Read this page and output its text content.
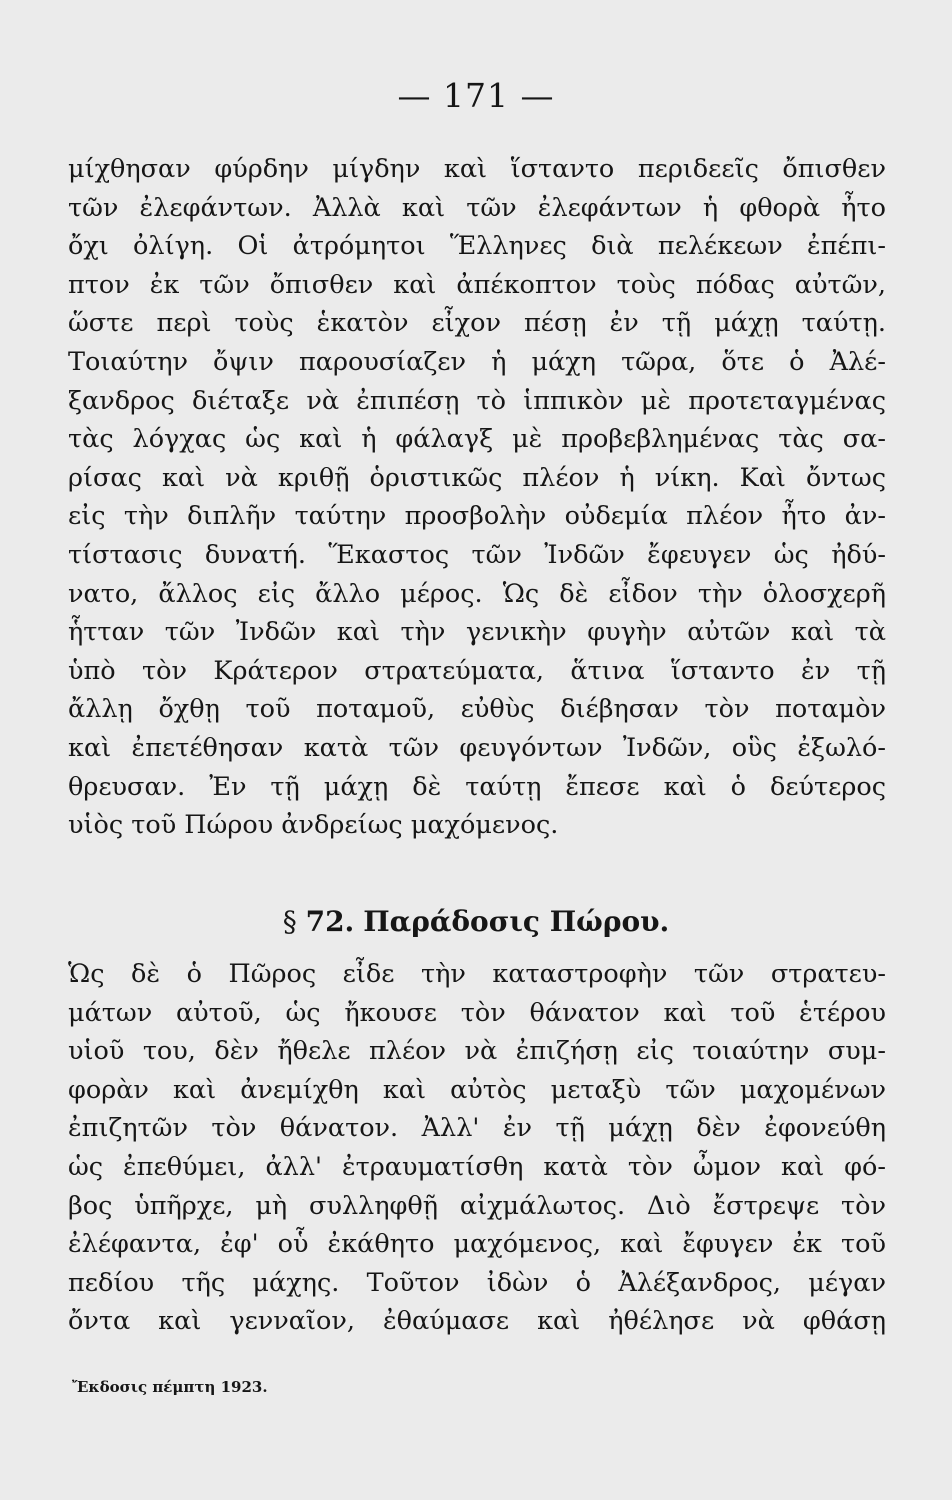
— 171 —
μίχθησαν φύρδην μίγδην καὶ ἵσταντο περιδεεῖς ὄπισθεν
τῶν ἐλεφάντων. Ἀλλὰ καὶ τῶν ἐλεφάντων ἡ φθορὰ ἦτο
ὄχι ὀλίγη. Οἱ ἀτρόμητοι Ἕλληνες διὰ πελέκεων ἐπέπι-
πτον ἐκ τῶν ὄπισθεν καὶ ἀπέκοπτον τοὺς πόδας αὐτῶν,
ὥστε περὶ τοὺς ἑκατὸν εἶχον πέσῃ ἐν τῇ μάχῃ ταύτῃ.
Τοιαύτην ὄψιν παρουσίαζεν ἡ μάχη τῶρα, ὅτε ὁ Ἀλέ-
ξανδρος διέταξε νὰ ἐπιπέσῃ τὸ ἱππικὸν μὲ προτεταγμένας
τὰς λόγχας ὡς καὶ ἡ φάλαγξ μὲ προβεβλημένας τὰς σα-
ρίσας καὶ νὰ κριθῇ ὁριστικῶς πλέον ἡ νίκη. Καὶ ὄντως
εἰς τὴν διπλῆν ταύτην προσβολὴν οὐδεμία πλέον ἦτο ἀν-
τίστασις δυνατή. Ἕκαστος τῶν Ἰνδῶν ἔφευγεν ὡς ἠδύ-
νατο, ἄλλος εἰς ἄλλο μέρος. Ὡς δὲ εἶδον τὴν ὁλοσχερῆ
ἧτταν τῶν Ἰνδῶν καὶ τὴν γενικὴν φυγὴν αὐτῶν καὶ τὰ
ὑπὸ τὸν Κράτερον στρατεύματα, ἅτινα ἵσταντο ἐν τῇ
ἄλλῃ ὄχθῃ τοῦ ποταμοῦ, εὐθὺς διέβησαν τὸν ποταμὸν
καὶ ἐπετέθησαν κατὰ τῶν φευγόντων Ἰνδῶν, οὓς ἐξωλό-
θρευσαν. Ἐν τῇ μάχῃ δὲ ταύτῃ ἔπεσε καὶ ὁ δεύτερος
υἱὸς τοῦ Πώρου ἀνδρείως μαχόμενος.
§ 72. Παράδοσις Πώρου.
Ὡς δὲ ὁ Πῶρος εἶδε τὴν καταστροφὴν τῶν στρατευ-
μάτων αὐτοῦ, ὡς ἤκουσε τὸν θάνατον καὶ τοῦ ἑτέρου
υἱοῦ του, δὲν ἤθελε πλέον νὰ ἐπιζήσῃ εἰς τοιαύτην συμ-
φορὰν καὶ ἀνεμίχθη καὶ αὐτὸς μεταξὺ τῶν μαχομένων
ἐπιζητῶν τὸν θάνατον. Ἀλλ' ἐν τῇ μάχῃ δὲν ἐφονεύθη
ὡς ἐπεθύμει, ἀλλ' ἐτραυματίσθη κατὰ τὸν ὦμον καὶ φό-
βος ὑπῆρχε, μὴ συλληφθῇ αἰχμάλωτος. Διὸ ἔστρεψε τὸν
ἐλέφαντα, ἐφ' οὗ ἐκάθητο μαχόμενος, καὶ ἔφυγεν ἐκ τοῦ
πεδίου τῆς μάχης. Τοῦτον ἰδὼν ὁ Ἀλέξανδρος, μέγαν
ὄντα καὶ γενναῖον, ἐθαύμασε καὶ ἠθέλησε νὰ φθάσῃ
Ἔκδοσις πέμπτη 1923.
